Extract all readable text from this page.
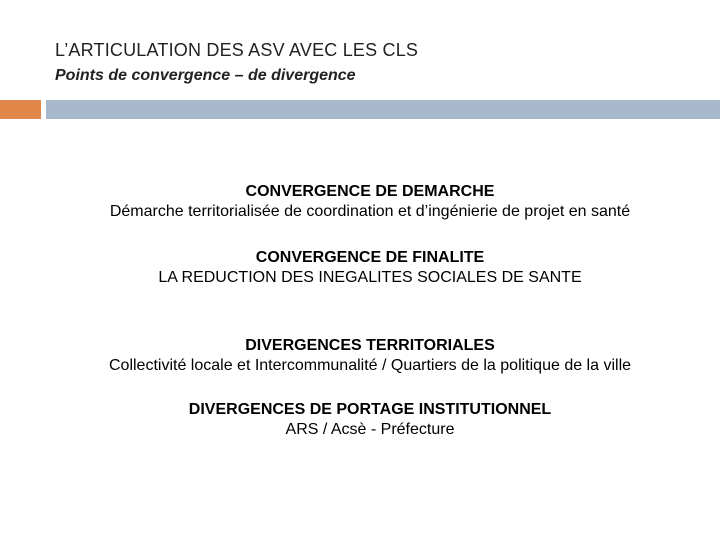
L’ARTICULATION DES ASV AVEC LES CLS
Points de convergence – de divergence
CONVERGENCE DE DEMARCHE
Démarche territorialisée de coordination et d’ingénierie de projet en santé
CONVERGENCE DE FINALITE
LA REDUCTION DES INEGALITES SOCIALES DE SANTE
DIVERGENCES TERRITORIALES
Collectivité locale et Intercommunalité / Quartiers de la politique de la ville
DIVERGENCES DE PORTAGE INSTITUTIONNEL
ARS / Acsè - Préfecture
